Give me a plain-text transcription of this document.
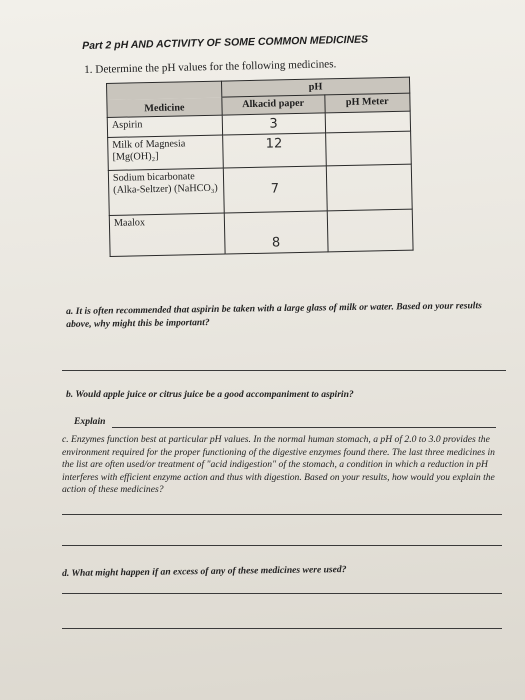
Part 2 pH AND ACTIVITY OF SOME COMMON MEDICINES
1. Determine the pH values for the following medicines.
	pH	
Medicine	Alkacid paper	pH Meter
Aspirin	3	
Milk of Magnesia [Mg(OH)₂]	12	
Sodium bicarbonate (Alka-Seltzer) (NaHCO₃)	7	
Maalox	8	
a. It is often recommended that aspirin be taken with a large glass of milk or water. Based on your results above, why might this be important?
b. Would apple juice or citrus juice be a good accompaniment to aspirin?
Explain
c. Enzymes function best at particular pH values. In the normal human stomach, a pH of 2.0 to 3.0 provides the environment required for the proper functioning of the digestive enzymes found there. The last three medicines in the list are often used/or treatment of "acid indigestion" of the stomach, a condition in which a reduction in pH interferes with efficient enzyme action and thus with digestion. Based on your results, how would you explain the action of these medicines?
d. What might happen if an excess of any of these medicines were used?
